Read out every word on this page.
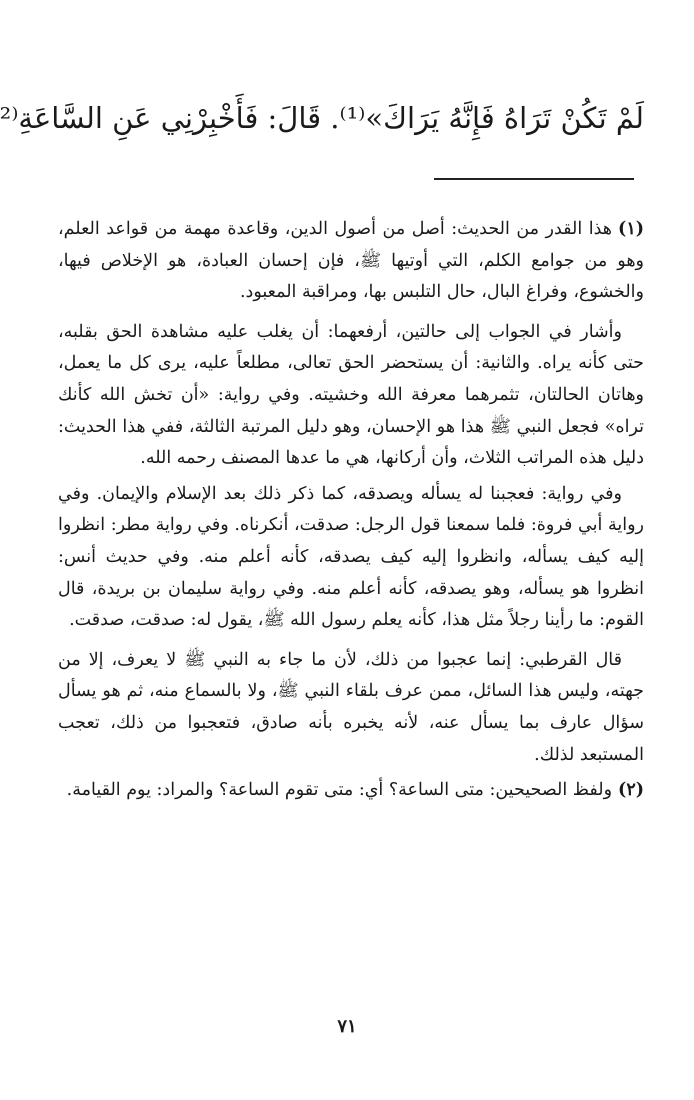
لَمْ تَكُنْ تَرَاهُ فَإِنَّهُ يَرَاكَ»⁽¹⁾. قَالَ: فَأَخْبِرْنِي عَنِ السَّاعَةِ⁽²

(١)هذا القدر من الحديث: أصل من أصول الدين، وقاعدة مهمة من قواعد العلم، وهو من جوامع الكلم، التي أوتيها ﷺ، فإن إحسان العبادة، هو الإخلاص فيها، والخشوع، وفراغ البال، حال التلبس بها، ومراقبة المعبود.

وأشار في الجواب إلى حالتين، أرفعهما: أن يغلب عليه مشاهدة الحق بقلبه، حتى كأنه يراه. والثانية: أن يستحضر الحق تعالى، مطلعاً عليه، يرى كل ما يعمل، وهاتان الحالتان، تثمرهما معرفة الله وخشيته. وفي رواية: «أن تخش الله كأنك تراه» فجعل النبي ﷺ هذا هو الإحسان، وهو دليل المرتبة الثالثة، ففي هذا الحديث: دليل هذه المراتب الثلاث، وأن أركانها، هي ما عدها المصنف رحمه الله.

وفي رواية: فعجبنا له يسأله ويصدقه، كما ذكر ذلك بعد الإسلام والإيمان. وفي رواية أبي فروة: فلما سمعنا قول الرجل: صدقت، أنكرناه. وفي رواية مطر: انظروا إليه كيف يسأله، وانظروا إليه كيف يصدقه، كأنه أعلم منه. وفي حديث أنس: انظروا هو يسأله، وهو يصدقه، كأنه أعلم منه. وفي رواية سليمان بن بريدة، قال القوم: ما رأينا رجلاً مثل هذا، كأنه يعلم رسول الله ﷺ، يقول له: صدقت، صدقت.

قال القرطبي: إنما عجبوا من ذلك، لأن ما جاء به النبي ﷺ لا يعرف، إلا من جهته، وليس هذا السائل، ممن عرف بلقاء النبي ﷺ، ولا بالسماع منه، ثم هو يسأل سؤال عارف بما يسأل عنه، لأنه يخبره بأنه صادق، فتعجبوا من ذلك، تعجب المستبعد لذلك.

(٢)ولفظ الصحيحين: متى الساعة؟ أي: متى تقوم الساعة؟ والمراد: يوم القيامة.

٧١
